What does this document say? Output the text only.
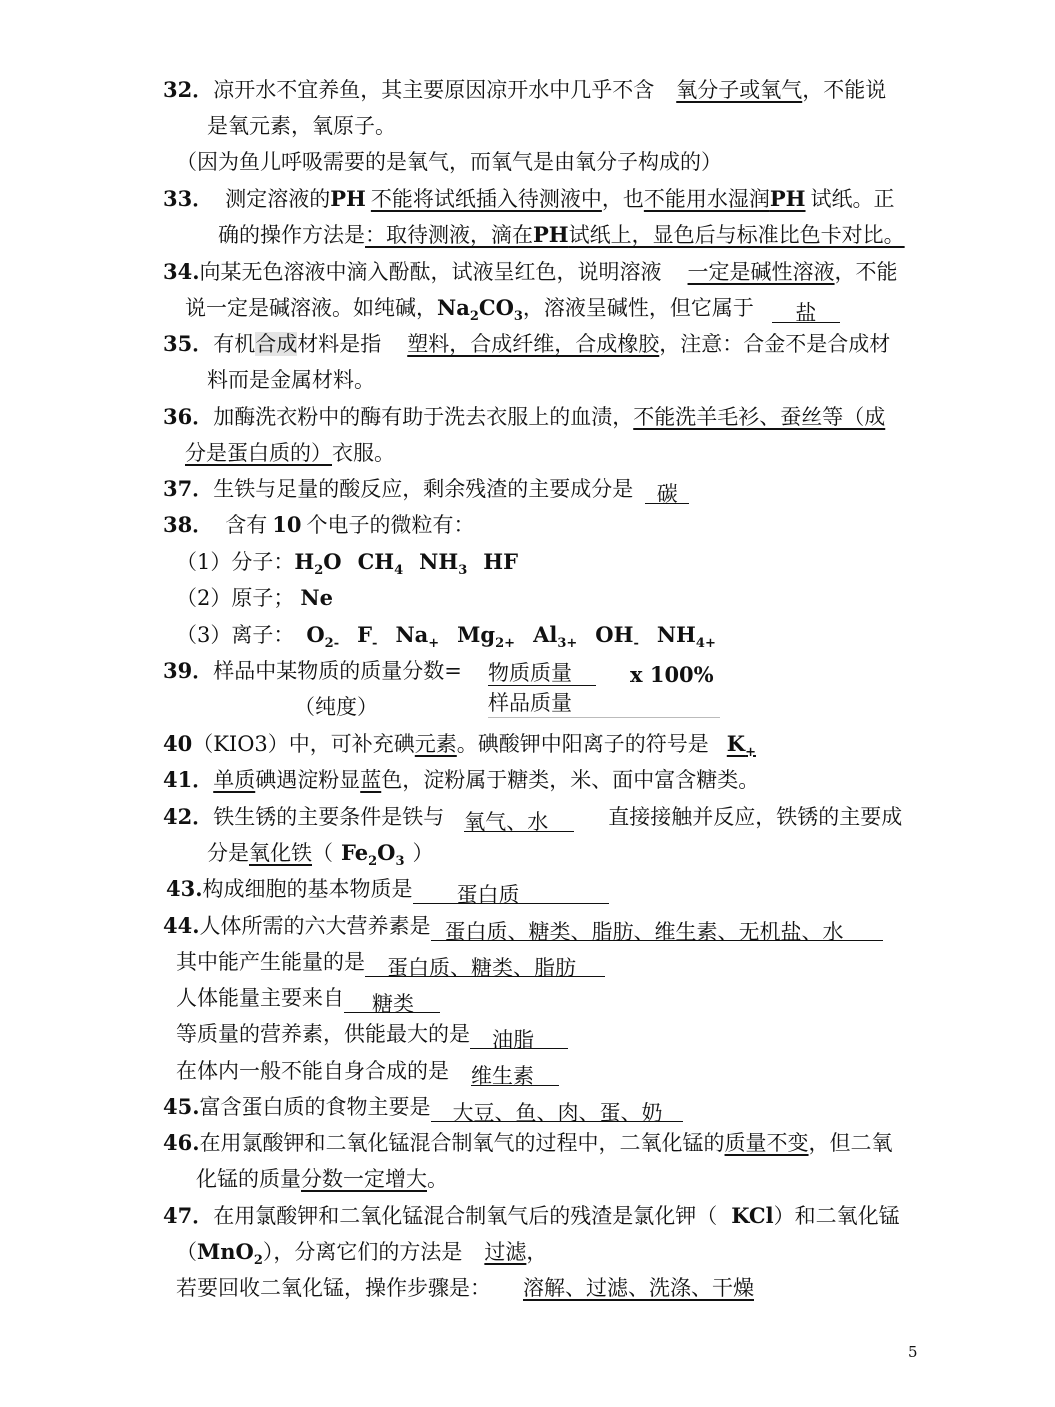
32．凉开水不宜养鱼，其主要原因凉开水中几乎不含 氧分子或氧气，不能说
是氧元素，氧原子。
（因为鱼儿呼吸需要的是氧气，而氧气是由氧分子构成的）
33． 测定溶液的PH 不能将试纸插入待测液中，也不能用水湿润PH 试纸。正
确的操作方法是：取待测液，滴在PH试纸上，显色后与标准比色卡对比。
34.向某无色溶液中滴入酚酞，试液呈红色，说明溶液 一定是碱性溶液，不能
说一定是碱溶液。如纯碱，$Na_2CO_3$，溶液呈碱性，但它属于 盐
35．有机合成材料是指 塑料，合成纤维，合成橡胶，注意：合金不是合成材
料而是金属材料。
36．加酶洗衣粉中的酶有助于洗去衣服上的血渍，不能洗羊毛衫、蚕丝等（成
分是蛋白质的）衣服。
37．生铁与足量的酸反应，剩余残渣的主要成分是 碳
38． 含有 10 个电子的微粒有：
（1）分子：$H_2O$ $CH_4$ $NH_3$ HF
（2）原子； Ne
（3）离子： $O_{2-}$ $F_-$ $Na_+$ $Mg_{2+}$ $Al_{3+}$ $OH_-$ $NH_{4+}$
39．样品中某物质的质量分数=
（纯度）
物质质量
样品质量
x 100%
40（KIO3）中，可补充碘元素。碘酸钾中阳离子的符号是 $K_+$
41．单质碘遇淀粉显蓝色，淀粉属于糖类，米、面中富含糖类。
42．铁生锈的主要条件是铁与 氧气、水	直接接触并反应，铁锈的主要成
分是氧化铁（ $Fe_2O_3$ ）
43.构成细胞的基本物质是 蛋白质
44.人体所需的六大营养素是 蛋白质、糖类、脂肪、维生素、无机盐、水
其中能产生能量的是 蛋白质、糖类、脂肪
人体能量主要来自 糖类
等质量的营养素，供能最大的是 油脂
在体内一般不能自身合成的是 维生素
45.富含蛋白质的食物主要是 大豆、鱼、肉、蛋、奶
46.在用氯酸钾和二氧化锰混合制氧气的过程中，二氧化锰的质量不变，但二氧
化锰的质量分数一定增大。
47．在用氯酸钾和二氧化锰混合制氧气后的残渣是氯化钾（ KCl）和二氧化锰
（MnO$_2$），分离它们的方法是 过滤，
若要回收二氧化锰，操作步骤是： 溶解、过滤、洗涤、干燥
5
